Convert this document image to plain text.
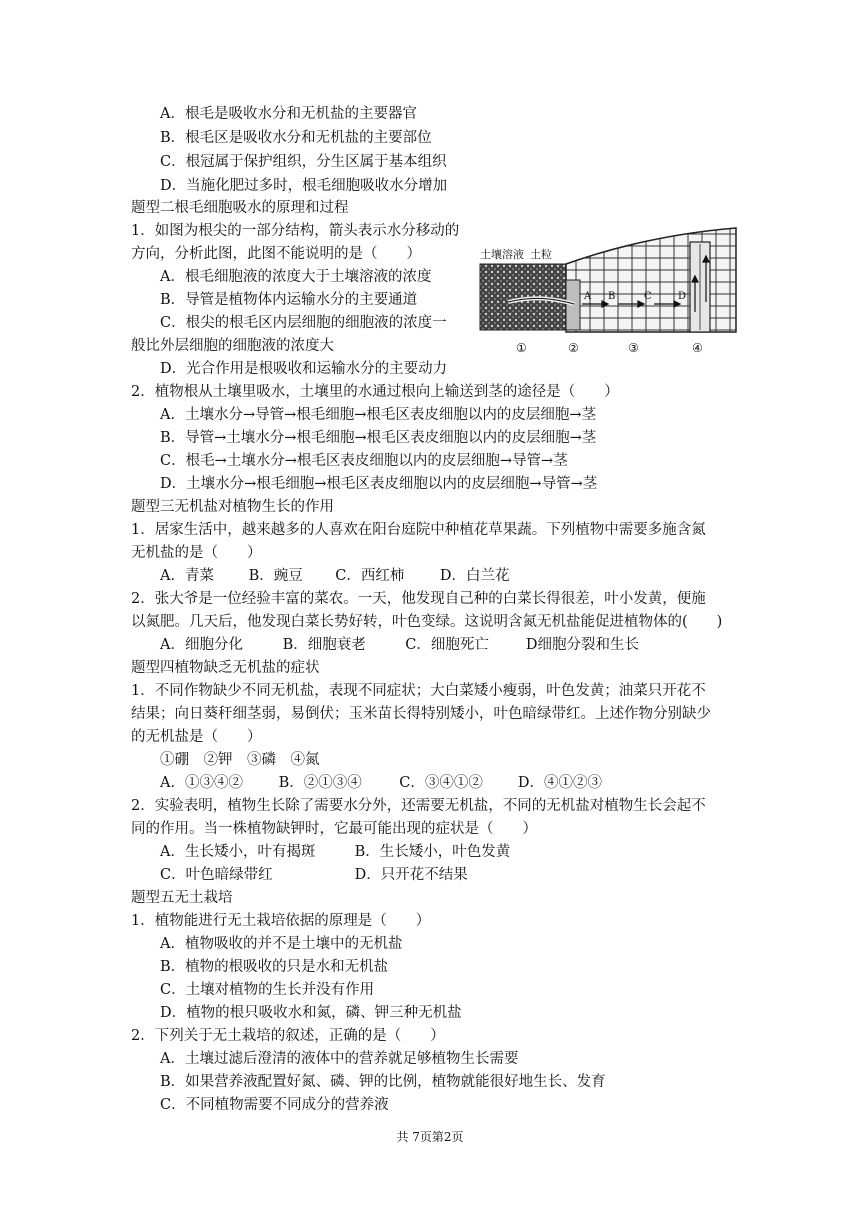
A．根毛是吸收水分和无机盐的主要器官
B．根毛区是吸收水分和无机盐的主要部位
C．根冠属于保护组织，分生区属于基本组织
D．当施化肥过多时，根毛细胞吸收水分增加
题型二根毛细胞吸水的原理和过程
1．如图为根尖的一部分结构，箭头表示水分移动的
方向，分析此图，此图不能说明的是（　　）
A．根毛细胞液的浓度大于土壤溶液的浓度
B．导管是植物体内运输水分的主要通道
C．根尖的根毛区内层细胞的细胞液的浓度一
般比外层细胞的细胞液的浓度大
D．光合作用是根吸收和运输水分的主要动力
2．植物根从土壤里吸水，土壤里的水通过根向上输送到茎的途径是（　　）
A．土壤水分→导管→根毛细胞→根毛区表皮细胞以内的皮层细胞→茎
B．导管→土壤水分→根毛细胞→根毛区表皮细胞以内的皮层细胞→茎
C．根毛→土壤水分→根毛区表皮细胞以内的皮层细胞→导管→茎
D．土壤水分→根毛细胞→根毛区表皮细胞以内的皮层细胞→导管→茎
题型三无机盐对植物生长的作用
1．居家生活中，越来越多的人喜欢在阳台庭院中种植花草果蔬。下列植物中需要多施含氮
无机盐的是（　　）
A．青菜 B．豌豆 C．西红柿 D．白兰花
2．张大爷是一位经验丰富的菜农。一天，他发现自己种的白菜长得很差，叶小发黄，便施
以氮肥。几天后，他发现白菜长势好转，叶色变绿。这说明含氮无机盐能促进植物体的(　　)
A．细胞分化	B．细胞衰老	C．细胞死亡	D细胞分裂和生长
题型四植物缺乏无机盐的症状
1．不同作物缺少不同无机盐，表现不同症状；大白菜矮小瘦弱，叶色发黄；油菜只开花不
结果；向日葵秆细茎弱，易倒伏；玉米苗长得特别矮小，叶色暗绿带红。上述作物分别缺少
的无机盐是（　　）
①硼　②钾　③磷　④氮
A．①③④② B．②①③④	C．③④①② D．④①②③
2．实验表明，植物生长除了需要水分外，还需要无机盐，不同的无机盐对植物生长会起不
同的作用。当一株植物缺钾时，它最可能出现的症状是（　　）
A．生长矮小，叶有揭斑	B．生长矮小，叶色发黄
C．叶色暗绿带红	D．只开花不结果
题型五无土栽培
1．植物能进行无土栽培依据的原理是（　　）
A．植物吸收的并不是土壤中的无机盐
B．植物的根吸收的只是水和无机盐
C．土壤对植物的生长并没有作用
D．植物的根只吸收水和氮，磷、钾三种无机盐
2．下列关于无土栽培的叙述，正确的是（　　）
A．土壤过滤后澄清的液体中的营养就足够植物生长需要
B．如果营养液配置好氮、磷、钾的比例，植物就能很好地生长、发育
C．不同植物需要不同成分的营养液
土壤溶液 土粒
A B	C	D
①	②	③	④
共 7页第2页
